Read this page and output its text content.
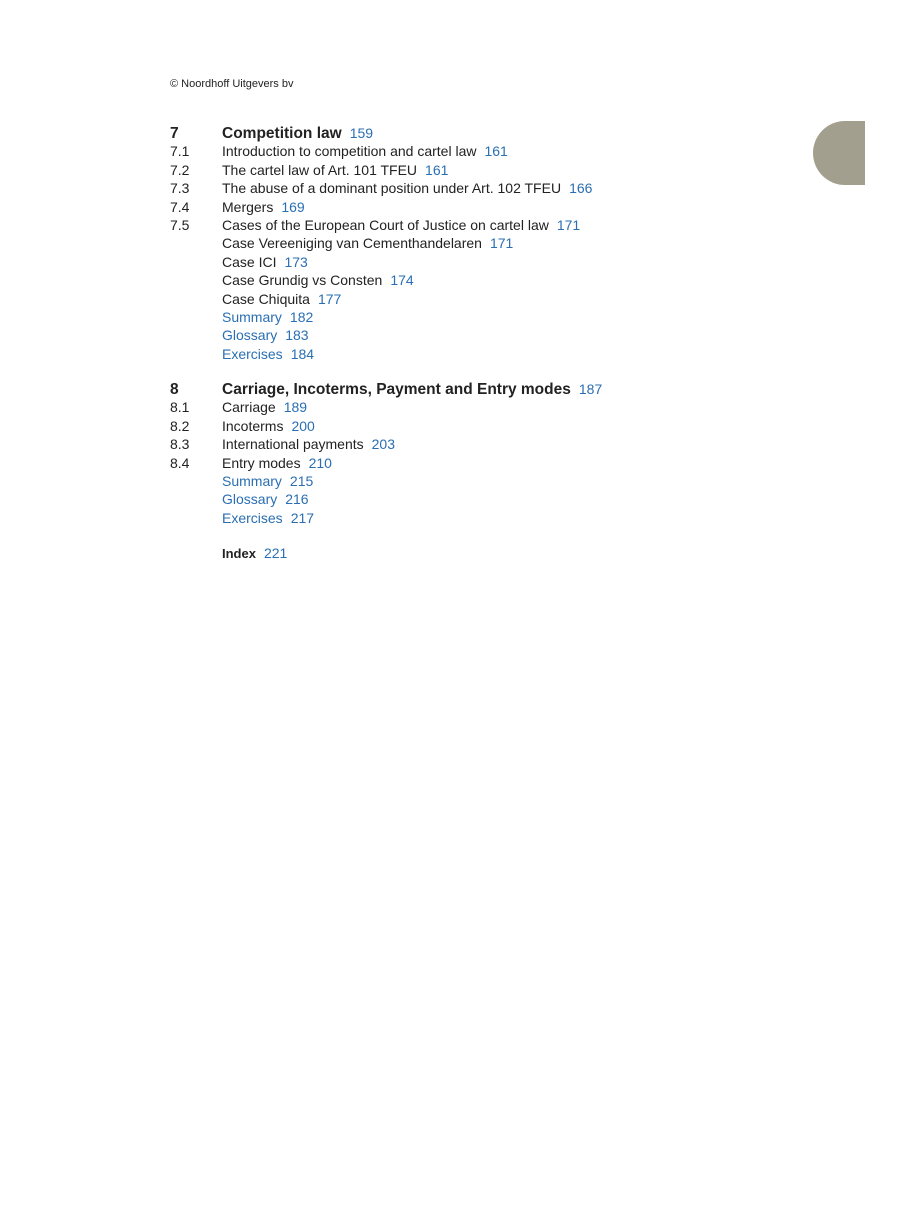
© Noordhoff Uitgevers bv
7	Competition law 159
7.1	Introduction to competition and cartel law 161
7.2	The cartel law of Art. 101 TFEU 161
7.3	The abuse of a dominant position under Art. 102 TFEU 166
7.4	Mergers 169
7.5	Cases of the European Court of Justice on cartel law 171
Case Vereeniging van Cementhandelaren 171
Case ICI 173
Case Grundig vs Consten 174
Case Chiquita 177
Summary 182
Glossary 183
Exercises 184
8	Carriage, Incoterms, Payment and Entry modes 187
8.1	Carriage 189
8.2	Incoterms 200
8.3	International payments 203
8.4	Entry modes 210
Summary 215
Glossary 216
Exercises 217
Index 221
